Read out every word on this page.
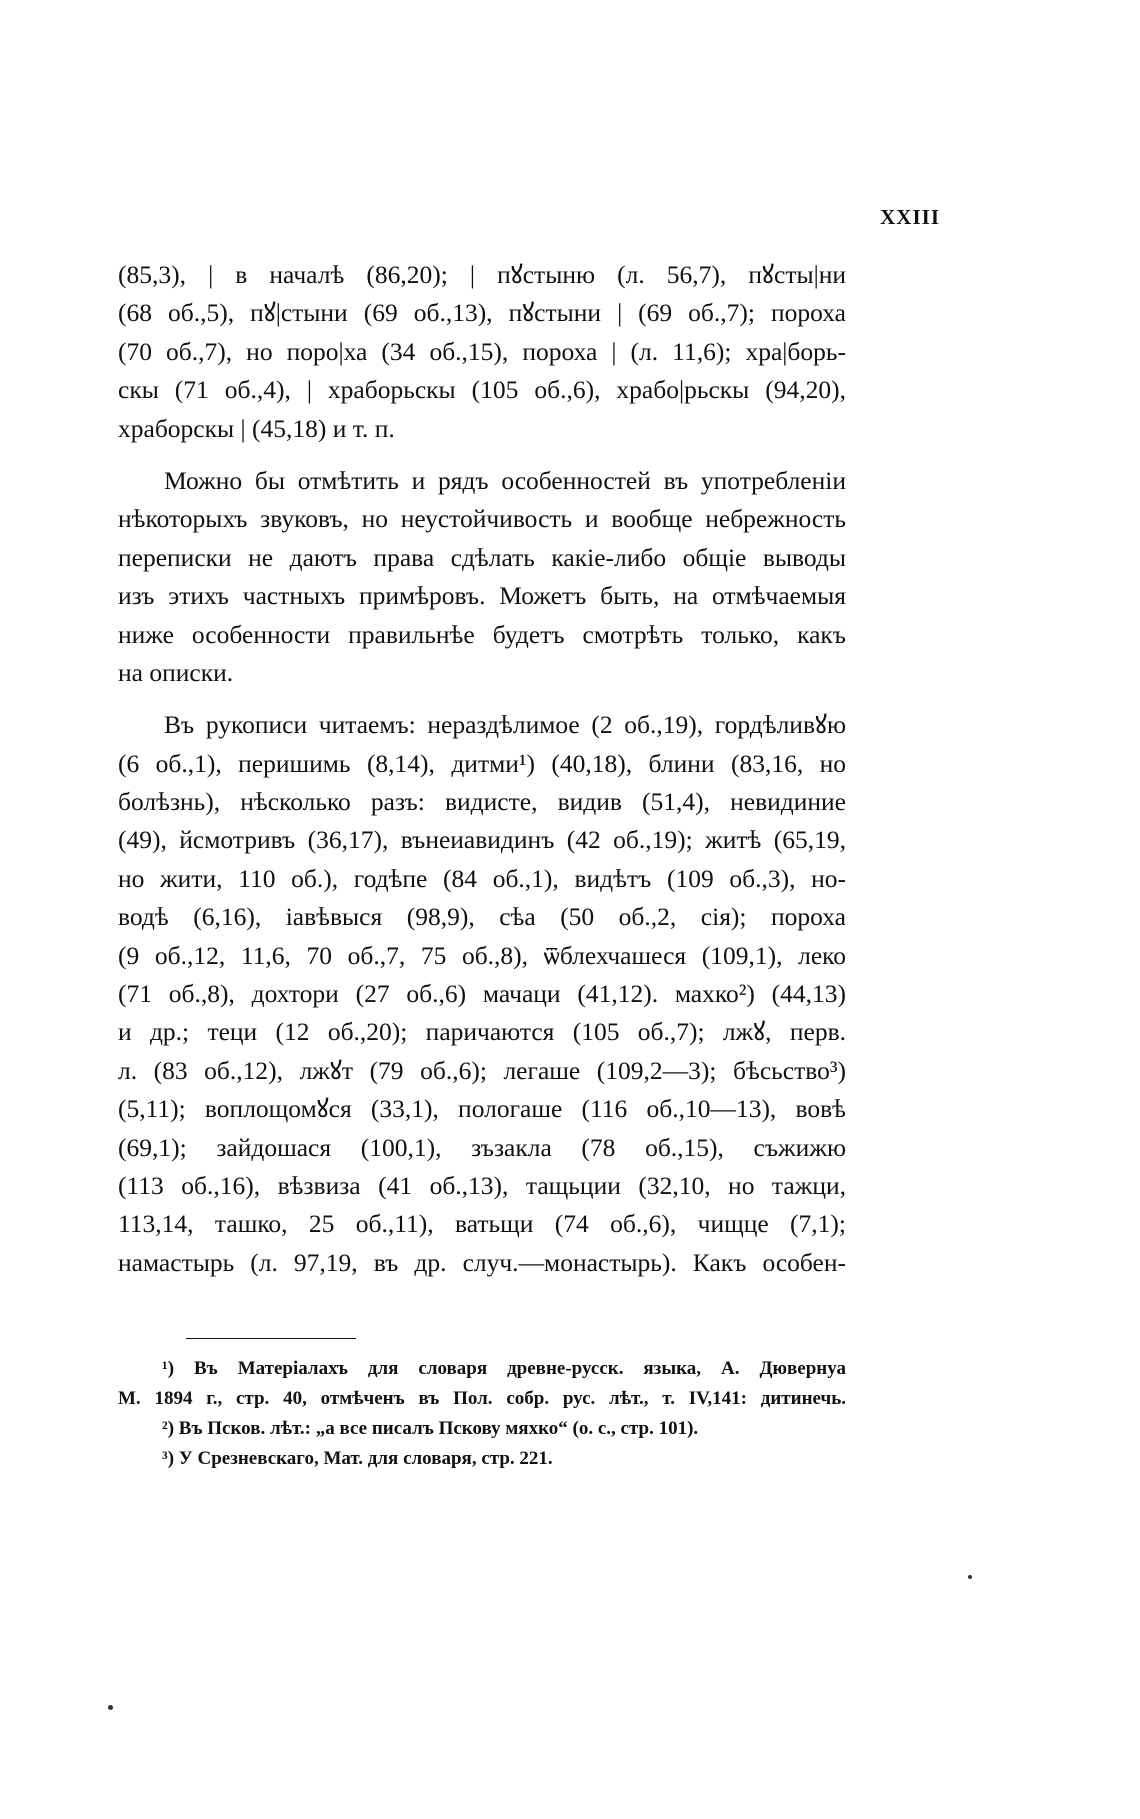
XXIII
(85,3), | в началѣ (86,20); | пꙋстыню (л. 56,7), пꙋсты|ни
(68 об.,5), пꙋ|стыни (69 об.,13), пꙋстыни | (69 об.,7); пороха
(70 об.,7), но поро|ха (34 об.,15), пороха | (л. 11,6); хра|борь-
скы (71 об.,4), | храборьскы (105 об.,6), храбо|рьскы (94,20),
храборскы | (45,18) и т. п.
Можно бы отмѣтить и рядъ особенностей въ употребленіи
нѣкоторыхъ звуковъ, но неустойчивость и вообще небрежность
переписки не даютъ права сдѣлать какіе-либо общіе выводы
изъ этихъ частныхъ примѣровъ. Можетъ быть, на отмѣчаемыя
ниже особенности правильнѣе будетъ смотрѣть только, какъ
на описки.
Въ рукописи читаемъ: нераздѣлимое (2 об.,19), гордѣливꙋю
(6 об.,1), перишимь (8,14), дитми¹) (40,18), блини (83,16, но
болѣзнь), нѣсколько разъ: видисте, видив (51,4), невидиние
(49), йсмотривъ (36,17), вънеиавидинъ (42 об.,19); житѣ (65,19,
но жити, 110 об.), годѣпе (84 об.,1), видѣтъ (109 об.,3), но-
водѣ (6,16), іавѣвыся (98,9), сѣа (50 об.,2, сія); пороха
(9 об.,12, 11,6, 70 об.,7, 75 об.,8), ѿблехчашеся (109,1), леко
(71 об.,8), дохтори (27 об.,6) мачаци (41,12). махко²) (44,13)
и др.; теци (12 об.,20); паричаются (105 об.,7); лжꙋ, перв.
л. (83 об.,12), лжꙋт (79 об.,6); легаше (109,2—3); бѣсьство³)
(5,11); воплощомꙋся (33,1), пологаше (116 об.,10—13), вовѣ
(69,1); зайдошася (100,1), зъзакла (78 об.,15), съжижю
(113 об.,16), вѣзвиза (41 об.,13), тащьции (32,10, но тажци,
113,14, ташко, 25 об.,11), ватьщи (74 об.,6), чищце (7,1);
намастырь (л. 97,19, въ др. случ.—монастырь). Какъ особен-
¹) Въ Матеріалахъ для словаря древне-русск. языка, А. Дювернуа
М. 1894 г., стр. 40, отмѣченъ въ Пол. собр. рус. лѣт., т. IV,141: дитинечь.
²) Въ Псков. лѣт.: „а все писалъ Пскову мяхко“ (о. с., стр. 101).
³) У Срезневскаго, Мат. для словаря, стр. 221.
